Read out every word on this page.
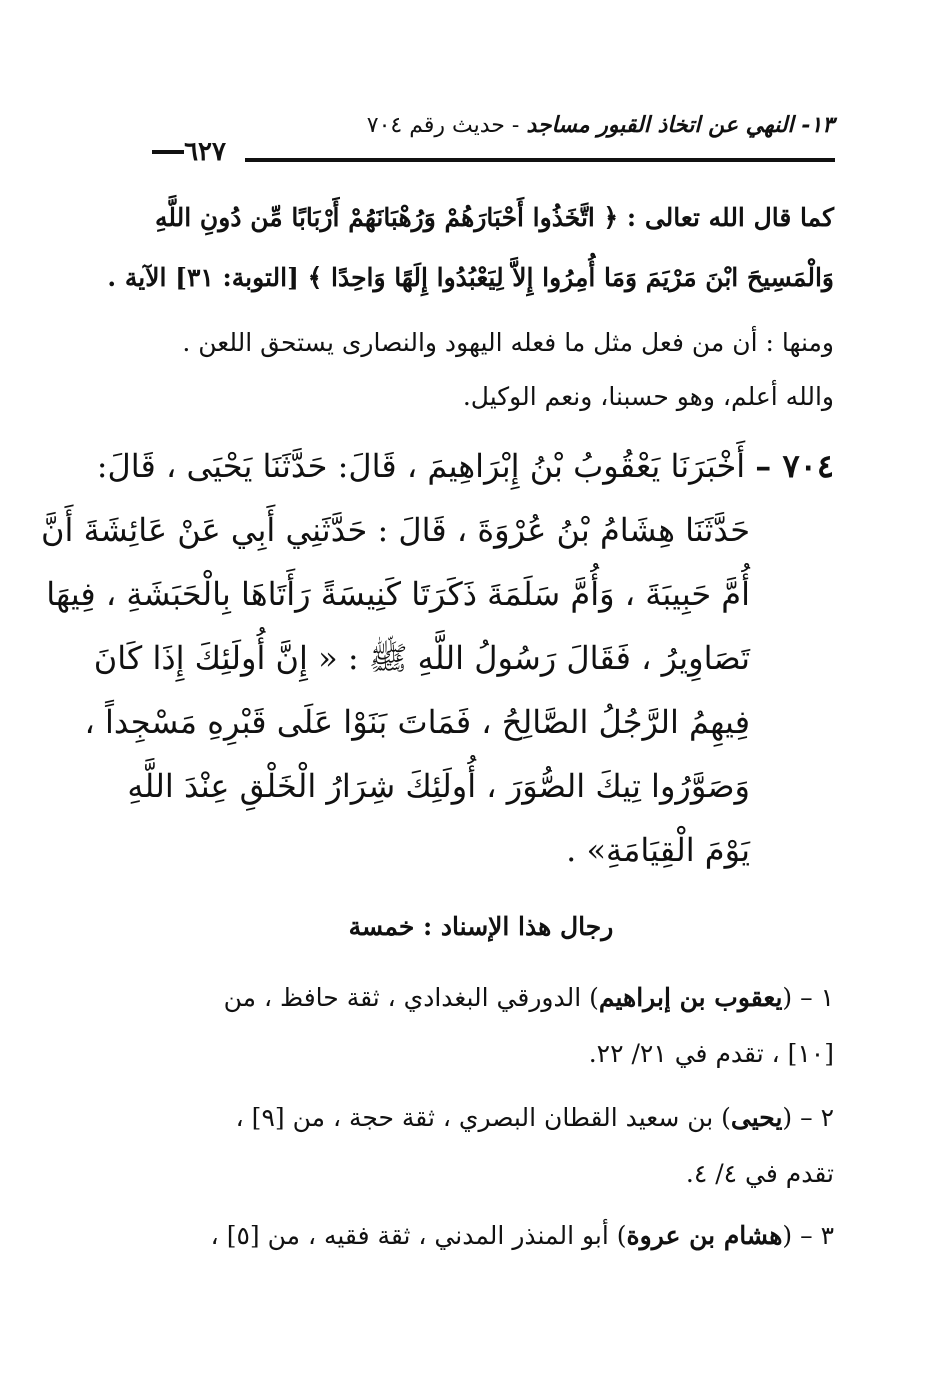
١٣- النهي عن اتخاذ القبور مساجد - حديث رقم ٧٠٤
٦٢٧
كما قال الله تعالى : ﴿ اتَّخَذُوا أَحْبَارَهُمْ وَرُهْبَانَهُمْ أَرْبَابًا مِّن دُونِ اللَّهِ
وَالْمَسِيحَ ابْنَ مَرْيَمَ وَمَا أُمِرُوا إِلاَّ لِيَعْبُدُوا إِلَهًا وَاحِدًا ﴾ [التوبة: ٣١] الآية .
ومنها : أن من فعل مثل ما فعله اليهود والنصارى يستحق اللعن .
والله أعلم، وهو حسبنا، ونعم الوكيل.
٧٠٤ – أَخْبَرَنَا يَعْقُوبُ بْنُ إِبْرَاهِيمَ ، قَالَ: حَدَّثَنَا يَحْيَى ، قَالَ:
حَدَّثَنَا هِشَامُ بْنُ عُرْوَةَ ، قَالَ : حَدَّثَنِي أَبِي عَنْ عَائِشَةَ أَنَّ
أُمَّ حَبِيبَةَ ، وَأُمَّ سَلَمَةَ ذَكَرَتَا كَنِيسَةً رَأَتَاهَا بِالْحَبَشَةِ ، فِيهَا
تَصَاوِيرُ ، فَقَالَ رَسُولُ اللَّهِ ﷺ : « إِنَّ أُولَئِكَ إِذَا كَانَ
فِيهِمُ الرَّجُلُ الصَّالِحُ ، فَمَاتَ بَنَوْا عَلَى قَبْرِهِ مَسْجِداً ،
وَصَوَّرُوا تِيكَ الصُّوَرَ ، أُولَئِكَ شِرَارُ الْخَلْقِ عِنْدَ اللَّهِ
يَوْمَ الْقِيَامَةِ» .
رجال هذا الإسناد : خمسة
١ – (يعقوب بن إبراهيم) الدورقي البغدادي ، ثقة حافظ ، من
[١٠] ، تقدم في ٢١/ ٢٢.
٢ – (يحيى) بن سعيد القطان البصري ، ثقة حجة ، من [٩] ،
تقدم في ٤/ ٤.
٣ – (هشام بن عروة) أبو المنذر المدني ، ثقة فقيه ، من [٥] ،
